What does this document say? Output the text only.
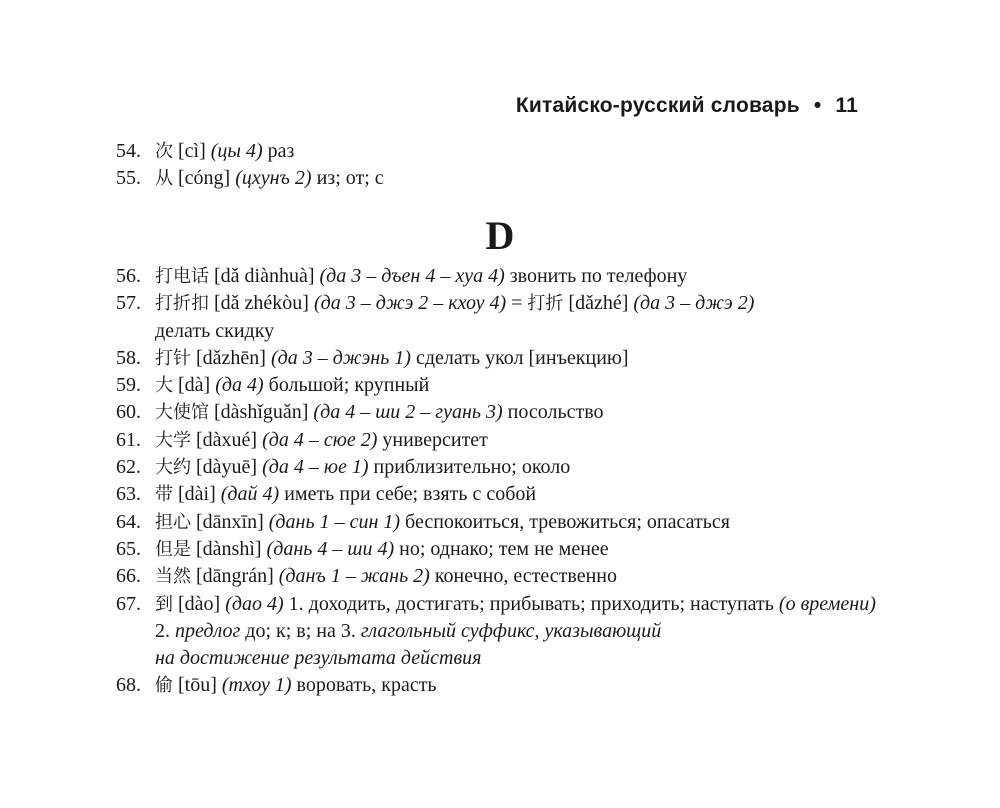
Китайско-русский словарь • 11
54. 次 [cì] (цы 4) раз
55. 从 [cóng] (цхунъ 2) из; от; с
D
56. 打电话 [dǎ diànhuà] (да 3 – дъен 4 – хуа 4) звонить по телефону
57. 打折扣 [dǎ zhékòu] (да 3 – джэ 2 – кхоу 4) = 打折 [dǎzhé] (да 3 – джэ 2)
делать скидку
58. 打针 [dǎzhēn] (да 3 – джэнь 1) сделать укол [инъекцию]
59. 大 [dà] (да 4) большой; крупный
60. 大使馆 [dàshǐguǎn] (да 4 – ши 2 – гуань 3) посольство
61. 大学 [dàxué] (да 4 – сюе 2) университет
62. 大约 [dàyuē] (да 4 – юе 1) приблизительно; около
63. 带 [dài] (дай 4) иметь при себе; взять с собой
64. 担心 [dānxīn] (дань 1 – син 1) беспокоиться, тревожиться; опасаться
65. 但是 [dànshì] (дань 4 – ши 4) но; однако; тем не менее
66. 当然 [dāngrán] (данъ 1 – жань 2) конечно, естественно
67. 到 [dào] (дао 4) 1. доходить, достигать; прибывать; приходить; наступать (о времени) 2. предлог до; к; в; на 3. глагольный суффикс, указывающий
на достижение результата действия
68. 偷 [tōu] (тхоу 1) воровать, красть
